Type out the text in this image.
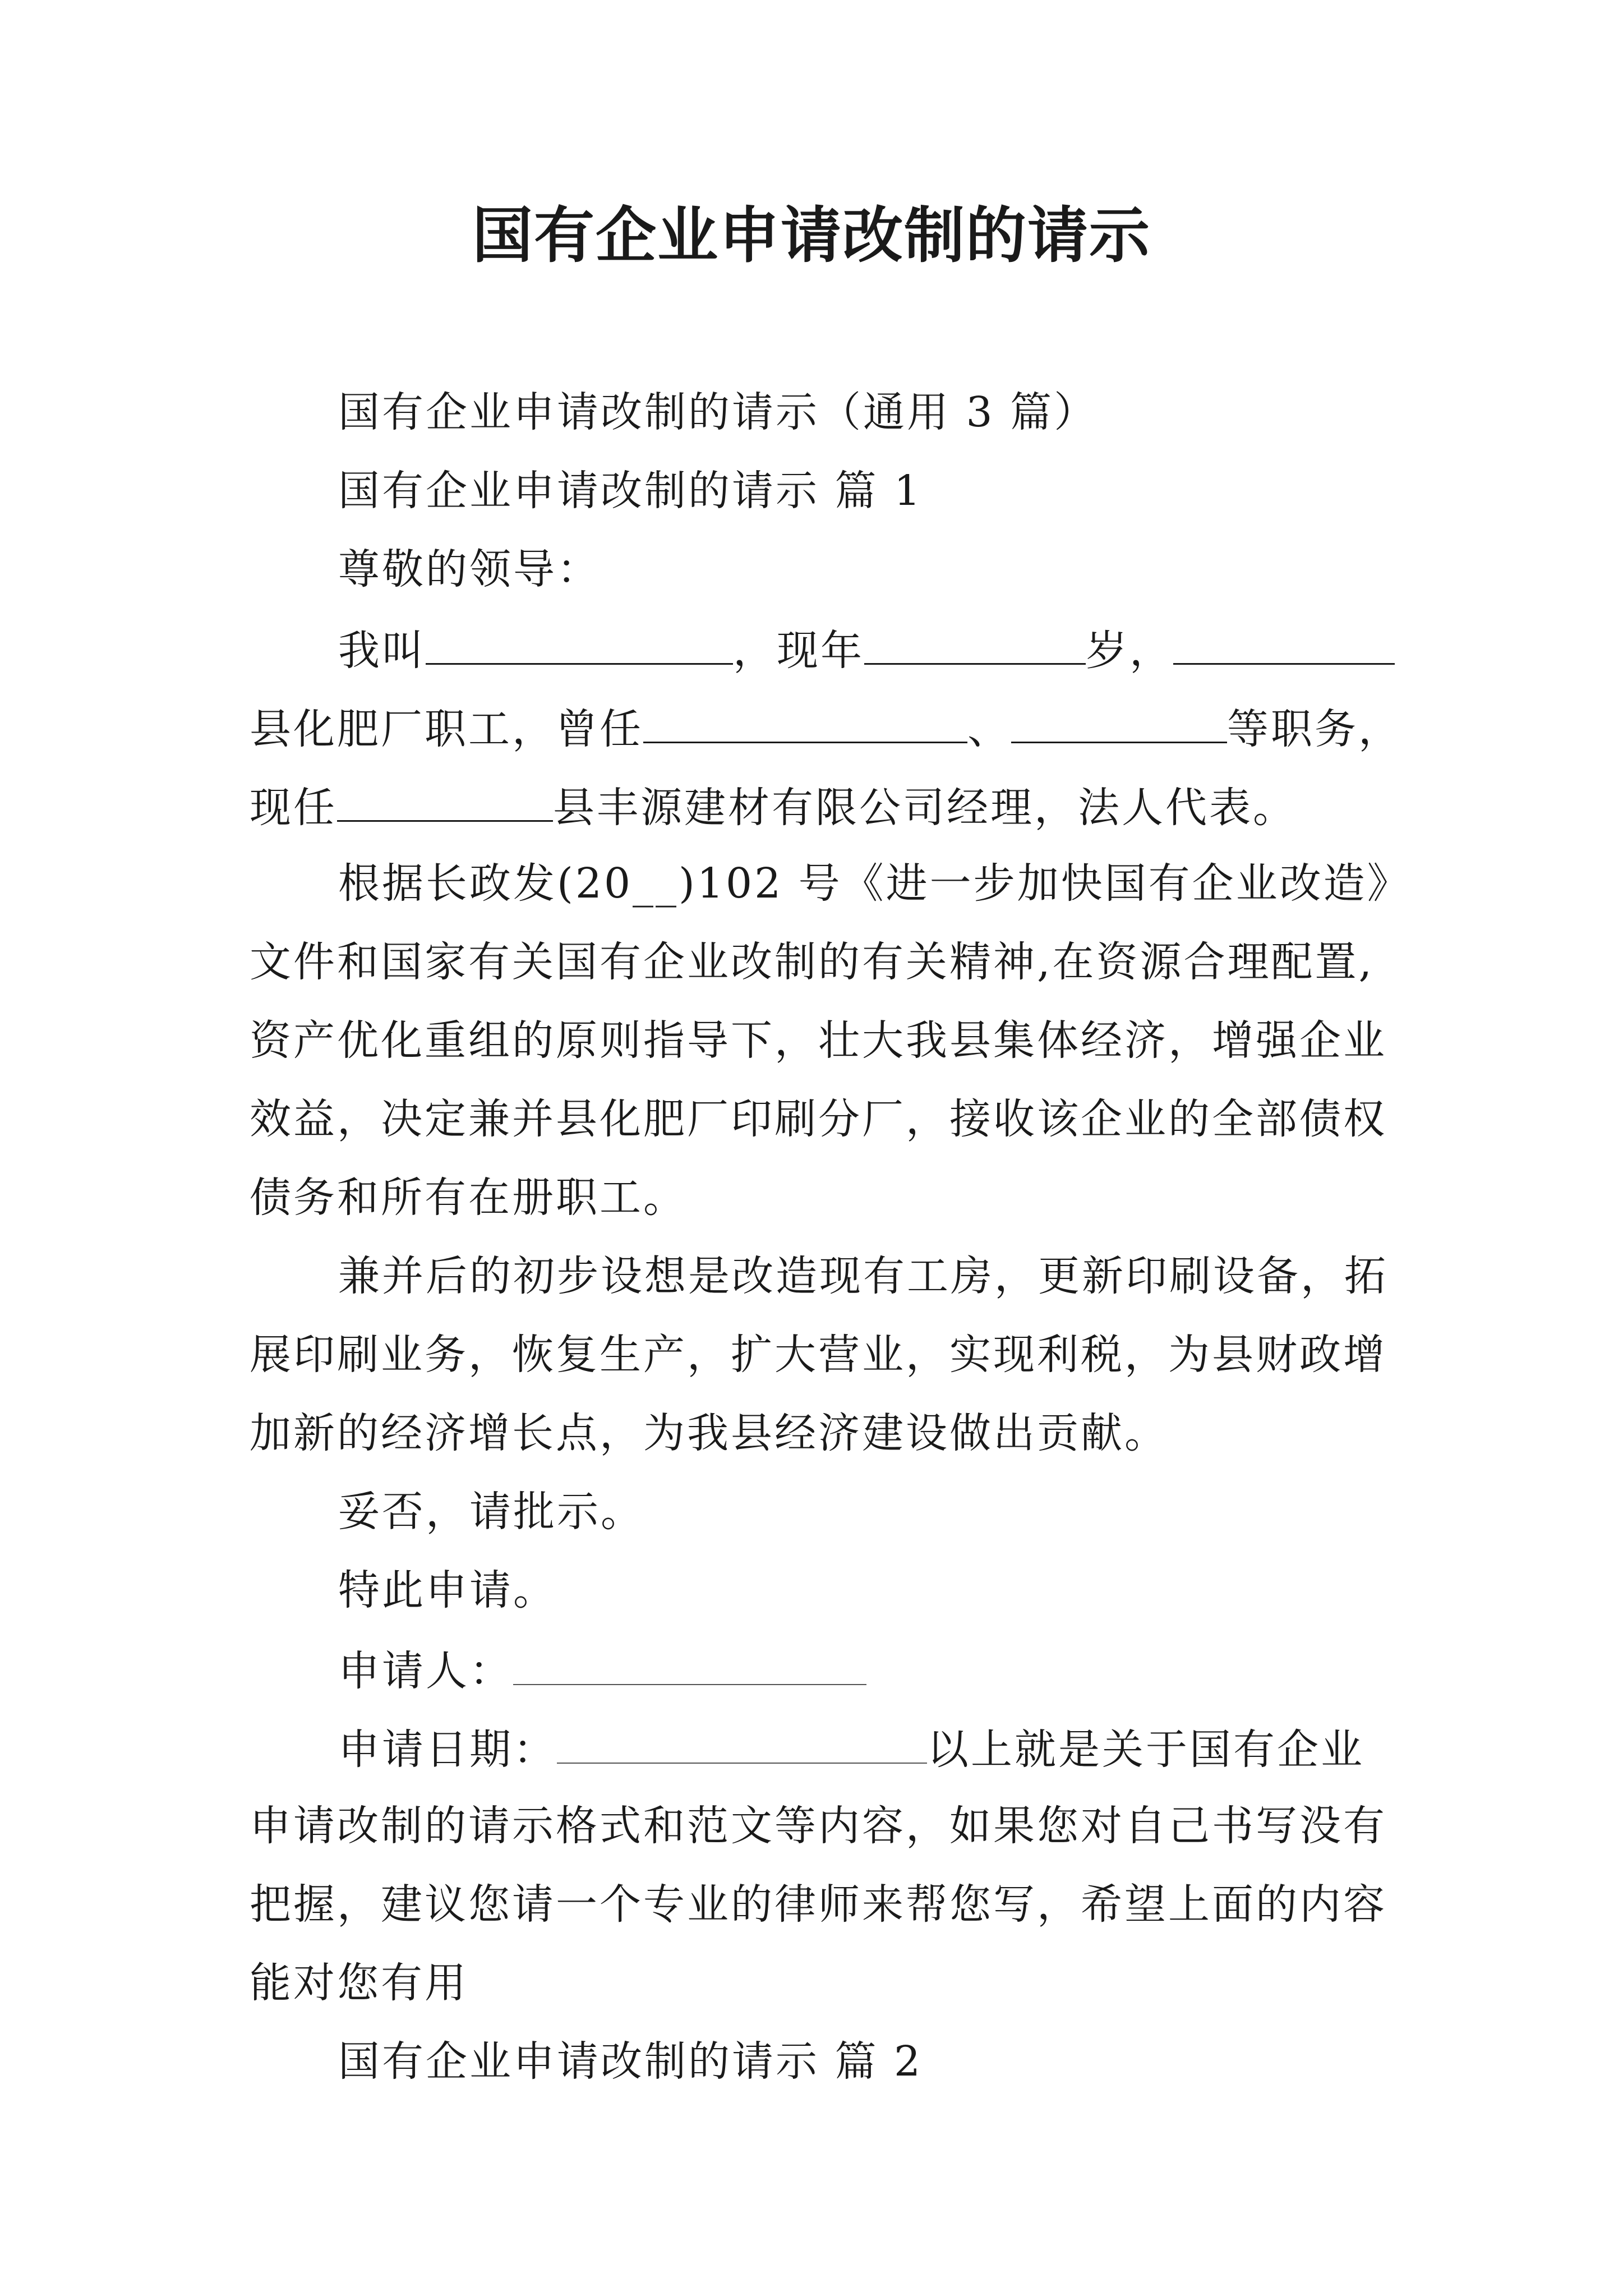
国有企业申请改制的请示

国有企业申请改制的请示（通用 3 篇）

国有企业申请改制的请示 篇 1

尊敬的领导：

我叫	，现年	岁，

县化肥厂职工，曾任	、	等职务，

现任	县丰源建材有限公司经理，法人代表。

根据长政发(20__)102 号《进一步加快国有企业改造》

文件和国家有关国有企业改制的有关精神,在资源合理配置,

资产优化重组的原则指导下，壮大我县集体经济，增强企业

效益，决定兼并县化肥厂印刷分厂，接收该企业的全部债权

债务和所有在册职工。

兼并后的初步设想是改造现有工房，更新印刷设备，拓

展印刷业务，恢复生产，扩大营业，实现利税，为县财政增

加新的经济增长点，为我县经济建设做出贡献。

妥否，请批示。

特此申请。

申请人：

申请日期：	以上就是关于国有企业

申请改制的请示格式和范文等内容，如果您对自己书写没有

把握，建议您请一个专业的律师来帮您写，希望上面的内容

能对您有用

国有企业申请改制的请示 篇 2
